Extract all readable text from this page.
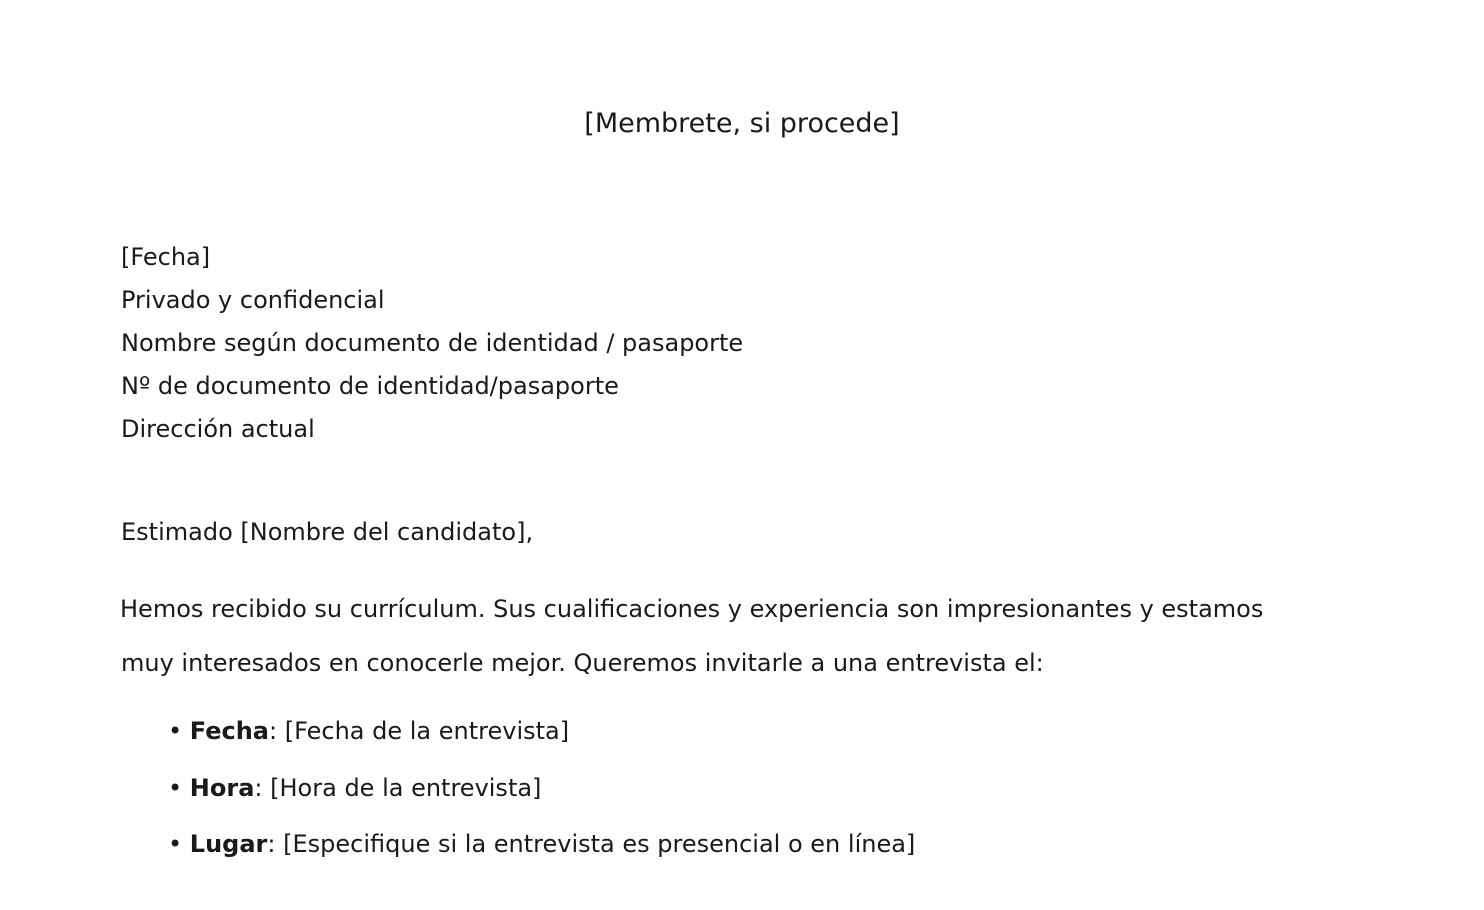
[Membrete, si procede]
[Fecha]
Privado y confidencial
Nombre según documento de identidad / pasaporte
Nº de documento de identidad/pasaporte
Dirección actual
Estimado [Nombre del candidato],
Hemos recibido su currículum. Sus cualificaciones y experiencia son impresionantes y estamos
muy interesados en conocerle mejor. Queremos invitarle a una entrevista el:
• Fecha: [Fecha de la entrevista]
• Hora: [Hora de la entrevista]
• Lugar: [Especifique si la entrevista es presencial o en línea]
